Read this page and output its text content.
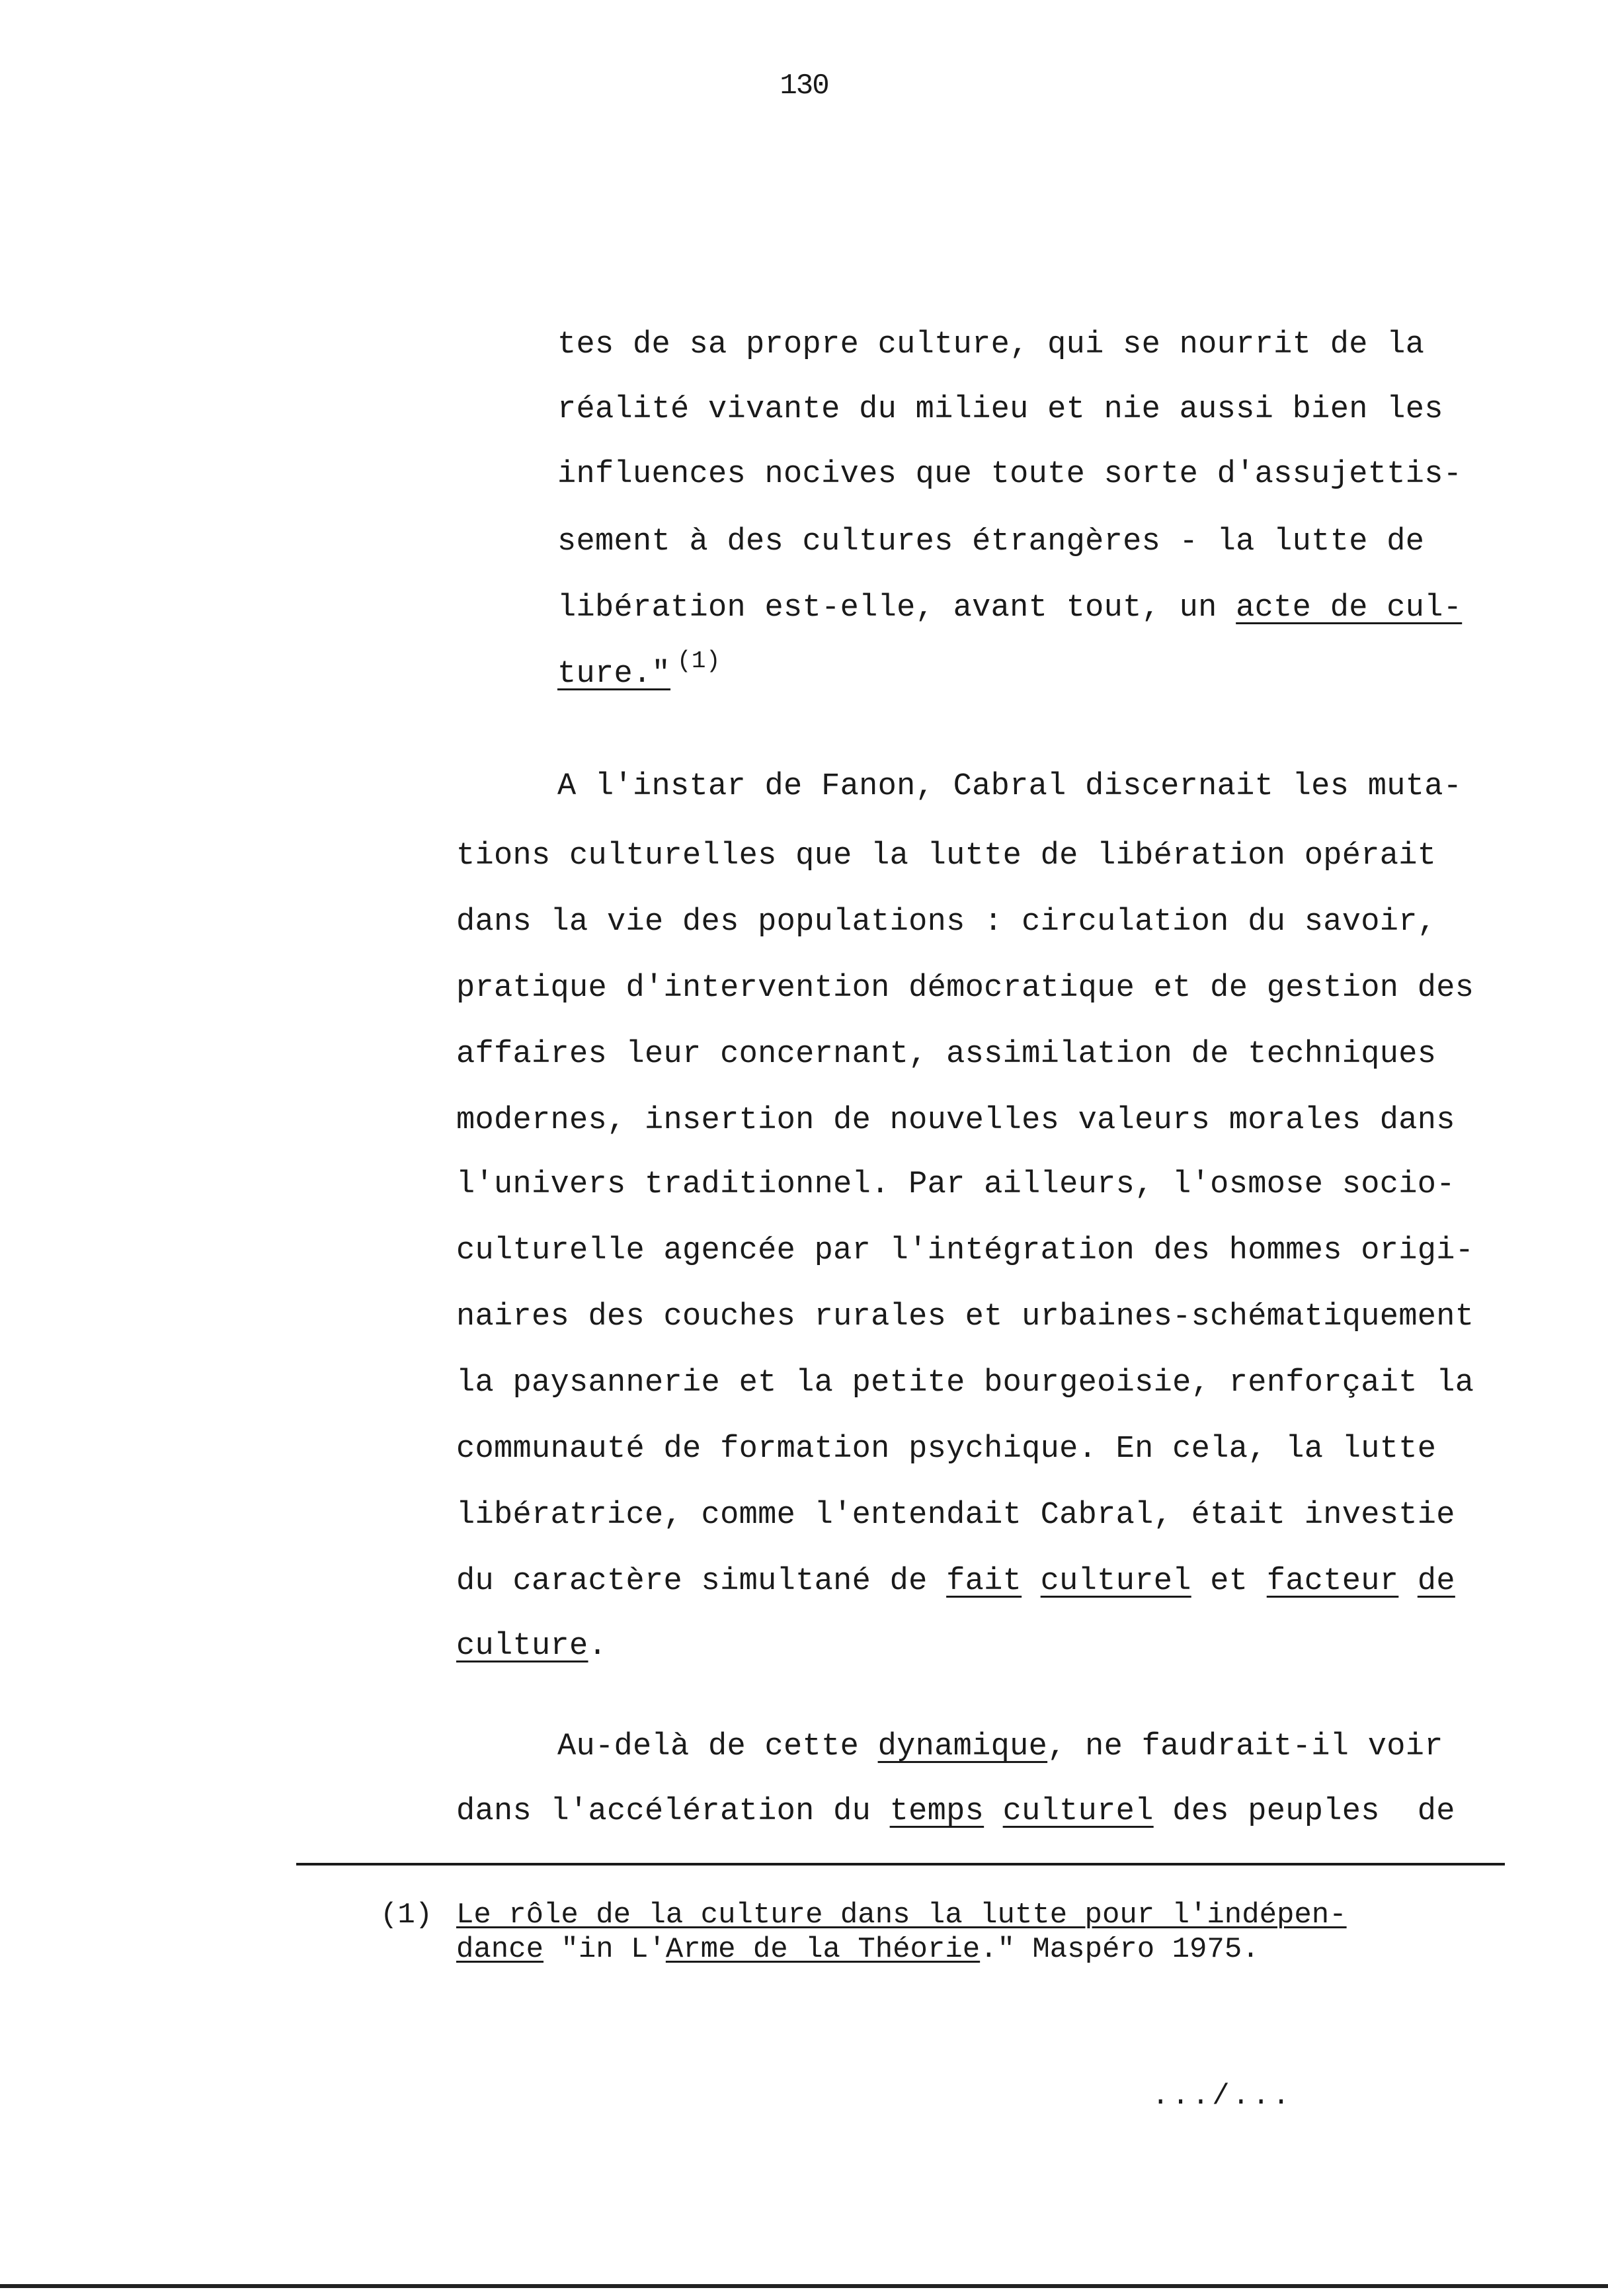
130
tes de sa propre culture, qui se nourrit de la
réalité vivante du milieu et nie aussi bien les
influences nocives que toute sorte d'assujettis-
sement à des cultures étrangères - la lutte de
libération est-elle, avant tout, un acte de cul-
ture." $^{(1)}$
A l'instar de Fanon, Cabral discernait les muta-
tions culturelles que la lutte de libération opérait
dans la vie des populations : circulation du savoir,
pratique d'intervention démocratique et de gestion des
affaires leur concernant, assimilation de techniques
modernes, insertion de nouvelles valeurs morales dans
l'univers traditionnel. Par ailleurs, l'osmose socio-
culturelle agencée par l'intégration des hommes origi-
naires des couches rurales et urbaines-schématiquement
la paysannerie et la petite bourgeoisie, renforçait la
communauté de formation psychique. En cela, la lutte
libératrice, comme l'entendait Cabral, était investie
du caractère simultané de fait culturel et facteur de
culture.
Au-delà de cette dynamique, ne faudrait-il voir
dans l'accélération du temps culturel des peuples  de
(1) Le rôle de la culture dans la lutte pour l'indépen-
dance "in L'Arme de la Théorie." Maspéro 1975.
.../...
